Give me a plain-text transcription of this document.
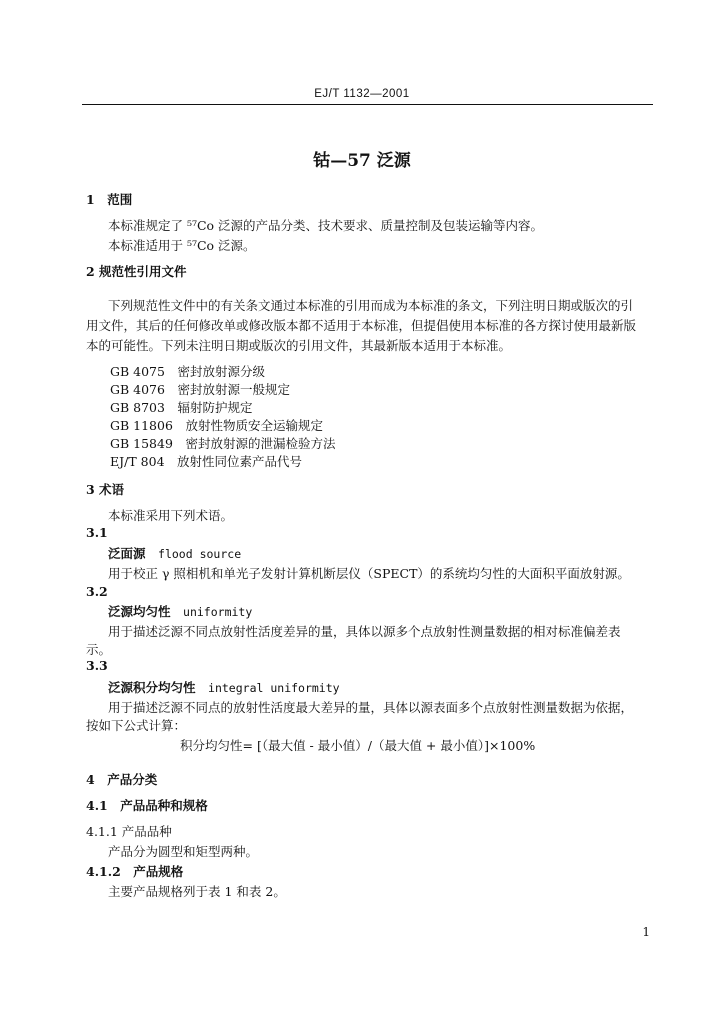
EJ/T 1132—2001
钴—57 泛源
1　范围
本标准规定了 ⁵⁷Co 泛源的产品分类、技术要求、质量控制及包装运输等内容。
本标准适用于 ⁵⁷Co 泛源。
2 规范性引用文件
下列规范性文件中的有关条文通过本标准的引用而成为本标准的条文，下列注明日期或版次的引
用文件，其后的任何修改单或修改版本都不适用于本标准，但提倡使用本标准的各方探讨使用最新版
本的可能性。下列未注明日期或版次的引用文件，其最新版本适用于本标准。
GB 4075　 密封放射源分级
GB 4076　 密封放射源一般规定
GB 8703　 辐射防护规定
GB 11806　 放射性物质安全运输规定
GB 15849　 密封放射源的泄漏检验方法
EJ/T 804　 放射性同位素产品代号
3 术语
本标准采用下列术语。
3.1
泛面源　 flood source
用于校正 γ 照相机和单光子发射计算机断层仪（SPECT）的系统均匀性的大面积平面放射源。
3.2
泛源均匀性　 uniformity
用于描述泛源不同点放射性活度差异的量，具体以源多个点放射性测量数据的相对标准偏差表
示。
3.3
泛源积分均匀性　 integral uniformity
用于描述泛源不同点的放射性活度最大差异的量，具体以源表面多个点放射性测量数据为依据，
按如下公式计算：
积分均匀性= [（最大值 - 最小值）/（最大值 + 最小值）]×100%
4　产品分类
4.1　产品品种和规格
4.1.1 产品品种
产品分为圆型和矩型两种。
4.1.2　产品规格
主要产品规格列于表 1 和表 2。
1
